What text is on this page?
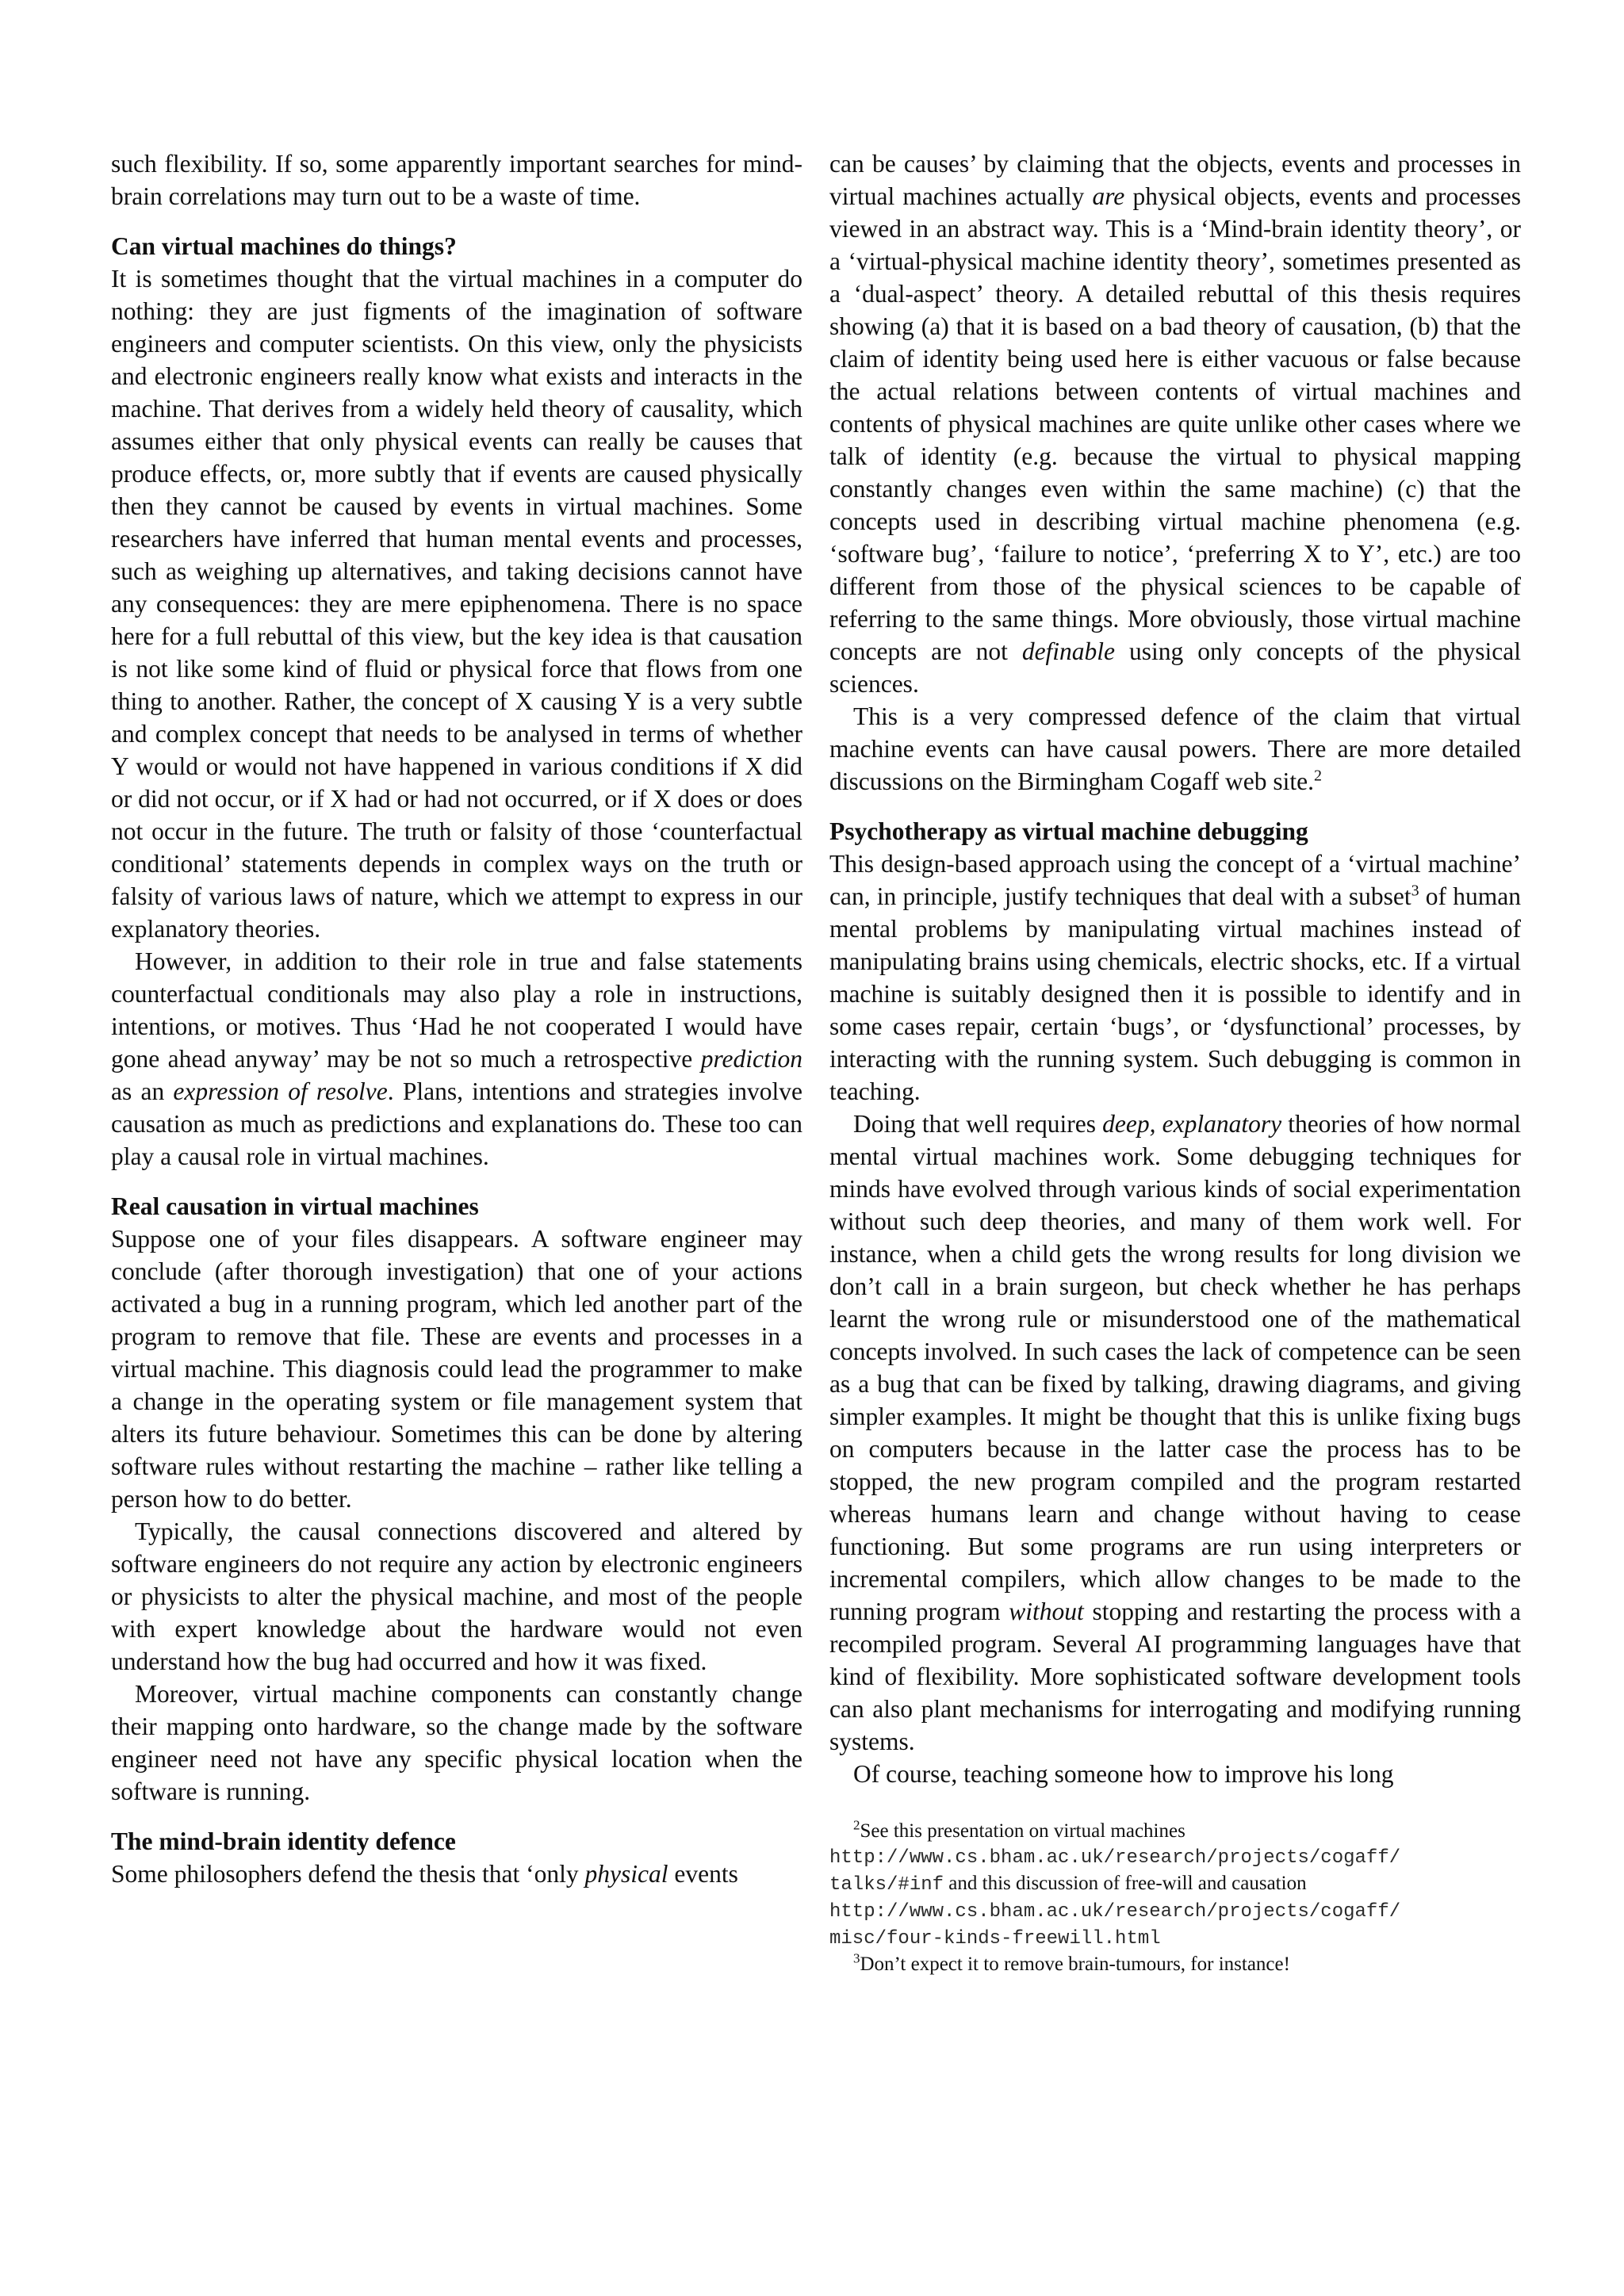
such flexibility. If so, some apparently important searches for mind-brain correlations may turn out to be a waste of time.

Can virtual machines do things?

It is sometimes thought that the virtual machines in a computer do nothing: they are just figments of the imagination of software engineers and computer scientists. On this view, only the physicists and electronic engineers really know what exists and interacts in the machine. That derives from a widely held theory of causality, which assumes either that only physical events can really be causes that produce effects, or, more subtly that if events are caused physically then they cannot be caused by events in virtual machines. Some researchers have inferred that human mental events and processes, such as weighing up alternatives, and taking decisions cannot have any consequences: they are mere epiphenomena. There is no space here for a full rebuttal of this view, but the key idea is that causation is not like some kind of fluid or physical force that flows from one thing to another. Rather, the concept of X causing Y is a very subtle and complex concept that needs to be analysed in terms of whether Y would or would not have happened in various conditions if X did or did not occur, or if X had or had not occurred, or if X does or does not occur in the future. The truth or falsity of those ‘counterfactual conditional’ statements depends in complex ways on the truth or falsity of various laws of nature, which we attempt to express in our explanatory theories.

However, in addition to their role in true and false statements counterfactual conditionals may also play a role in instructions, intentions, or motives. Thus ‘Had he not cooperated I would have gone ahead anyway’ may be not so much a retrospective prediction as an expression of resolve. Plans, intentions and strategies involve causation as much as predictions and explanations do. These too can play a causal role in virtual machines.

Real causation in virtual machines

Suppose one of your files disappears. A software engineer may conclude (after thorough investigation) that one of your actions activated a bug in a running program, which led another part of the program to remove that file. These are events and processes in a virtual machine. This diagnosis could lead the programmer to make a change in the operating system or file management system that alters its future behaviour. Sometimes this can be done by altering software rules without restarting the machine – rather like telling a person how to do better.

Typically, the causal connections discovered and altered by software engineers do not require any action by electronic engineers or physicists to alter the physical machine, and most of the people with expert knowledge about the hardware would not even understand how the bug had occurred and how it was fixed.

Moreover, virtual machine components can constantly change their mapping onto hardware, so the change made by the software engineer need not have any specific physical location when the software is running.

The mind-brain identity defence

Some philosophers defend the thesis that ‘only physical events

can be causes’ by claiming that the objects, events and processes in virtual machines actually are physical objects, events and processes viewed in an abstract way. This is a ‘Mind-brain identity theory’, or a ‘virtual-physical machine identity theory’, sometimes presented as a ‘dual-aspect’ theory. A detailed rebuttal of this thesis requires showing (a) that it is based on a bad theory of causation, (b) that the claim of identity being used here is either vacuous or false because the actual relations between contents of virtual machines and contents of physical machines are quite unlike other cases where we talk of identity (e.g. because the virtual to physical mapping constantly changes even within the same machine) (c) that the concepts used in describing virtual machine phenomena (e.g. ‘software bug’, ‘failure to notice’, ‘preferring X to Y’, etc.) are too different from those of the physical sciences to be capable of referring to the same things. More obviously, those virtual machine concepts are not definable using only concepts of the physical sciences.

This is a very compressed defence of the claim that virtual machine events can have causal powers. There are more detailed discussions on the Birmingham Cogaff web site.$^2$

Psychotherapy as virtual machine debugging

This design-based approach using the concept of a ‘virtual machine’ can, in principle, justify techniques that deal with a subset$^3$ of human mental problems by manipulating virtual machines instead of manipulating brains using chemicals, electric shocks, etc. If a virtual machine is suitably designed then it is possible to identify and in some cases repair, certain ‘bugs’, or ‘dysfunctional’ processes, by interacting with the running system. Such debugging is common in teaching.

Doing that well requires deep, explanatory theories of how normal mental virtual machines work. Some debugging techniques for minds have evolved through various kinds of social experimentation without such deep theories, and many of them work well. For instance, when a child gets the wrong results for long division we don’t call in a brain surgeon, but check whether he has perhaps learnt the wrong rule or misunderstood one of the mathematical concepts involved. In such cases the lack of competence can be seen as a bug that can be fixed by talking, drawing diagrams, and giving simpler examples. It might be thought that this is unlike fixing bugs on computers because in the latter case the process has to be stopped, the new program compiled and the program restarted whereas humans learn and change without having to cease functioning. But some programs are run using interpreters or incremental compilers, which allow changes to be made to the running program without stopping and restarting the process with a recompiled program. Several AI programming languages have that kind of flexibility. More sophisticated software development tools can also plant mechanisms for interrogating and modifying running systems.

Of course, teaching someone how to improve his long

$^2$See this presentation on virtual machines

http://www.cs.bham.ac.uk/research/projects/cogaff/ talks/#inf and this discussion of free-will and causation

http://www.cs.bham.ac.uk/research/projects/cogaff/ misc/four-kinds-freewill.html

$^3$Don’t expect it to remove brain-tumours, for instance!
